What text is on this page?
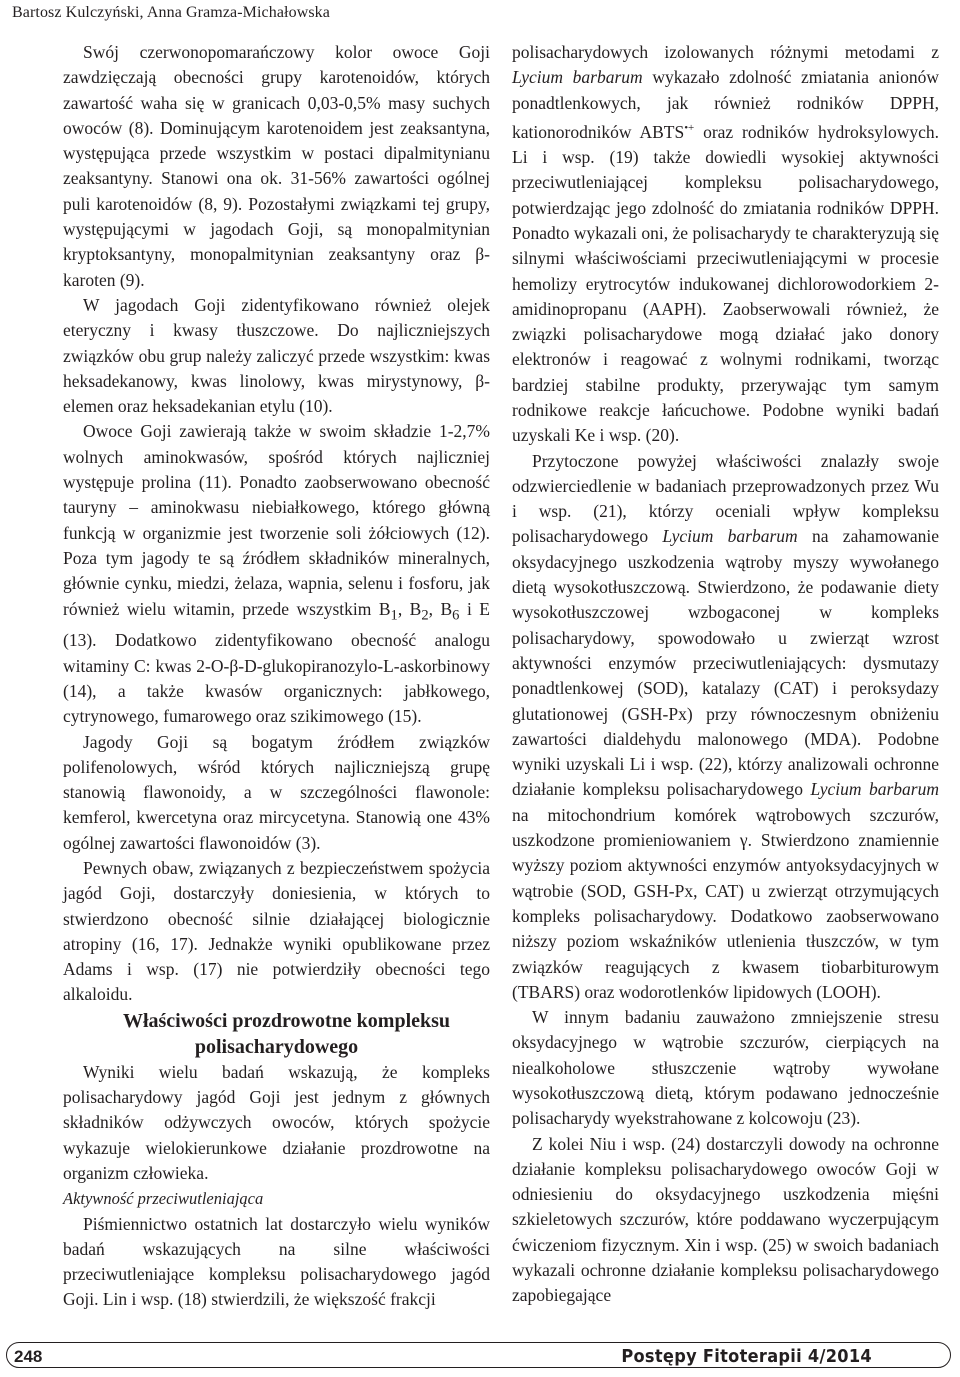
Bartosz Kulczyński, Anna Gramza-Michałowska

Swój czerwonopomarańczowy kolor owoce Goji zawdzięczają obecności grupy karotenoidów, których zawartość waha się w granicach 0,03-0,5% masy suchych owoców (8). Dominującym karotenoidem jest zeaksantyna, występująca przede wszystkim w postaci dipalmitynianu zeaksantyny. Stanowi ona ok. 31-56% zawartości ogólnej puli karotenoidów (8, 9). Pozostałymi związkami tej grupy, występującymi w jagodach Goji, są monopalmitynian kryptoksantyny, monopalmitynian zeaksantyny oraz β-karoten (9).

W jagodach Goji zidentyfikowano również olejek eteryczny i kwasy tłuszczowe. Do najliczniejszych związków obu grup należy zaliczyć przede wszystkim: kwas heksadekanowy, kwas linolowy, kwas mirystynowy, β-elemen oraz heksadekanian etylu (10).

Owoce Goji zawierają także w swoim składzie 1-2,7% wolnych aminokwasów, spośród których najliczniej występuje prolina (11). Ponadto zaobserwowano obecność tauryny – aminokwasu niebiałkowego, którego główną funkcją w organizmie jest tworzenie soli żółciowych (12). Poza tym jagody te są źródłem składników mineralnych, głównie cynku, miedzi, żelaza, wapnia, selenu i fosforu, jak również wielu witamin, przede wszystkim $B_1$, $B_2$, $B_6$ i E (13). Dodatkowo zidentyfikowano obecność analogu witaminy C: kwas 2-O-β-D-glukopiranozylo-L-askorbinowy (14), a także kwasów organicznych: jabłkowego, cytrynowego, fumarowego oraz szikimowego (15).

Jagody Goji są bogatym źródłem związków polifenolowych, wśród których najliczniejszą grupę stanowią flawonoidy, a w szczególności flawonole: kemferol, kwercetyna oraz mircycetyna. Stanowią one 43% ogólnej zawartości flawonoidów (3).

Pewnych obaw, związanych z bezpieczeństwem spożycia jagód Goji, dostarczyły doniesienia, w których to stwierdzono obecność silnie działającej biologicznie atropiny (16, 17). Jednakże wyniki opublikowane przez Adams i wsp. (17) nie potwierdziły obecności tego alkaloidu.

Właściwości prozdrowotne kompleksu
polisacharydowego

Wyniki wielu badań wskazują, że kompleks polisacharydowy jagód Goji jest jednym z głównych składników odżywczych owoców, których spożycie wykazuje wielokierunkowe działanie prozdrowotne na organizm człowieka.

Aktywność przeciwutleniająca

Piśmiennictwo ostatnich lat dostarczyło wielu wyników badań wskazujących na silne właściwości przeciwutleniające kompleksu polisacharydowego jagód Goji. Lin i wsp. (18) stwierdzili, że większość frakcji

polisacharydowych izolowanych różnymi metodami z Lycium barbarum wykazało zdolność zmiatania anionów ponadtlenkowych, jak również rodników DPPH, kationorodników ABTS•+ oraz rodników hydroksylowych. Li i wsp. (19) także dowiedli wysokiej aktywności przeciwutleniającej kompleksu polisacharydowego, potwierdzając jego zdolność do zmiatania rodników DPPH. Ponadto wykazali oni, że polisacharydy te charakteryzują się silnymi właściwościami przeciwutleniającymi w procesie hemolizy erytrocytów indukowanej dichlorowodorkiem 2-amidinopropanu (AAPH). Zaobserwowali również, że związki polisacharydowe mogą działać jako donory elektronów i reagować z wolnymi rodnikami, tworząc bardziej stabilne produkty, przerywając tym samym rodnikowe reakcje łańcuchowe. Podobne wyniki badań uzyskali Ke i wsp. (20).

Przytoczone powyżej właściwości znalazły swoje odzwierciedlenie w badaniach przeprowadzonych przez Wu i wsp. (21), którzy oceniali wpływ kompleksu polisacharydowego Lycium barbarum na zahamowanie oksydacyjnego uszkodzenia wątroby myszy wywołanego dietą wysokotłuszczową. Stwierdzono, że podawanie diety wysokotłuszczowej wzbogaconej w kompleks polisacharydowy, spowodowało u zwierząt wzrost aktywności enzymów przeciwutleniających: dysmutazy ponadtlenkowej (SOD), katalazy (CAT) i peroksydazy glutationowej (GSH-Px) przy równoczesnym obniżeniu zawartości dialdehydu malonowego (MDA). Podobne wyniki uzyskali Li i wsp. (22), którzy analizowali ochronne działanie kompleksu polisacharydowego Lycium barbarum na mitochondrium komórek wątrobowych szczurów, uszkodzone promieniowaniem γ. Stwierdzono znamiennie wyższy poziom aktywności enzymów antyoksydacyjnych w wątrobie (SOD, GSH-Px, CAT) u zwierząt otrzymujących kompleks polisacharydowy. Dodatkowo zaobserwowano niższy poziom wskaźników utlenienia tłuszczów, w tym związków reagujących z kwasem tiobarbiturowym (TBARS) oraz wodorotlenków lipidowych (LOOH).

W innym badaniu zauważono zmniejszenie stresu oksydacyjnego w wątrobie szczurów, cierpiących na niealkoholowe stłuszczenie wątroby wywołane wysokotłuszczową dietą, którym podawano jednocześnie polisacharydy wyekstrahowane z kolcowoju (23).

Z kolei Niu i wsp. (24) dostarczyli dowody na ochronne działanie kompleksu polisacharydowego owoców Goji w odniesieniu do oksydacyjnego uszkodzenia mięśni szkieletowych szczurów, które poddawano wyczerpującym ćwiczeniom fizycznym. Xin i wsp. (25) w swoich badaniach wykazali ochronne działanie kompleksu polisacharydowego zapobiegające

248	Postępy Fitoterapii 4/2014
